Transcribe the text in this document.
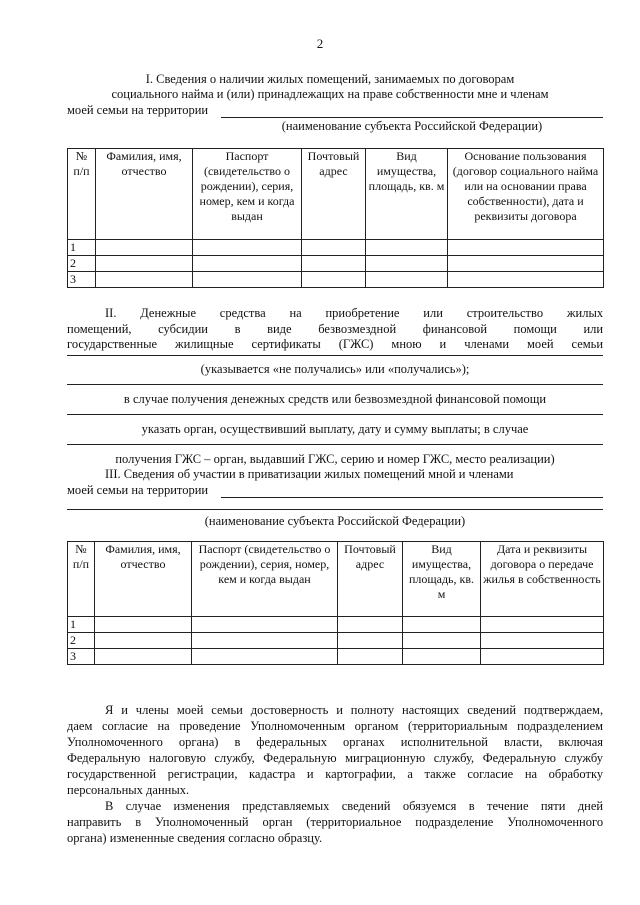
2
I. Сведения о наличии жилых помещений, занимаемых по договорам
социального найма и (или) принадлежащих на праве собственности мне и членам
моей семьи на территории
(наименование субъекта Российской Федерации)
№ п/п	Фамилия, имя, отчество	Паспорт (свидетельство о рождении), серия, номер, кем и когда выдан	Почтовый адрес	Вид имущества, площадь, кв. м	Основание пользования (договор социального найма или на основании права собственности), дата и реквизиты договора
1					
2					
3					
II. Денежные средства на приобретение или строительство жилых
помещений, субсидии в виде безвозмездной финансовой помощи или
государственные жилищные сертификаты (ГЖС) мною и членами моей семьи
(указывается «не получались» или «получались»);
в случае получения денежных средств или безвозмездной финансовой помощи
указать орган, осуществивший выплату, дату и сумму выплаты; в случае
получения ГЖС – орган, выдавший ГЖС, серию и номер ГЖС, место реализации)
III. Сведения об участии в приватизации жилых помещений мной и членами
моей семьи на территории
(наименование субъекта Российской Федерации)
№ п/п	Фамилия, имя, отчество	Паспорт (свидетельство о рождении), серия, номер, кем и когда выдан	Почтовый адрес	Вид имущества, площадь, кв. м	Дата и реквизиты договора о передаче жилья в собственность
1					
2					
3					
Я и члены моей семьи достоверность и полноту настоящих сведений подтверждаем,
даем согласие на проведение Уполномоченным органом (территориальным подразделением
Уполномоченного органа) в федеральных органах исполнительной власти, включая
Федеральную налоговую службу, Федеральную миграционную службу, Федеральную службу
государственной регистрации, кадастра и картографии, а также согласие на обработку
персональных данных.
В случае изменения представляемых сведений обязуемся в течение пяти дней
направить в Уполномоченный орган (территориальное подразделение Уполномоченного
органа) измененные сведения согласно образцу.
